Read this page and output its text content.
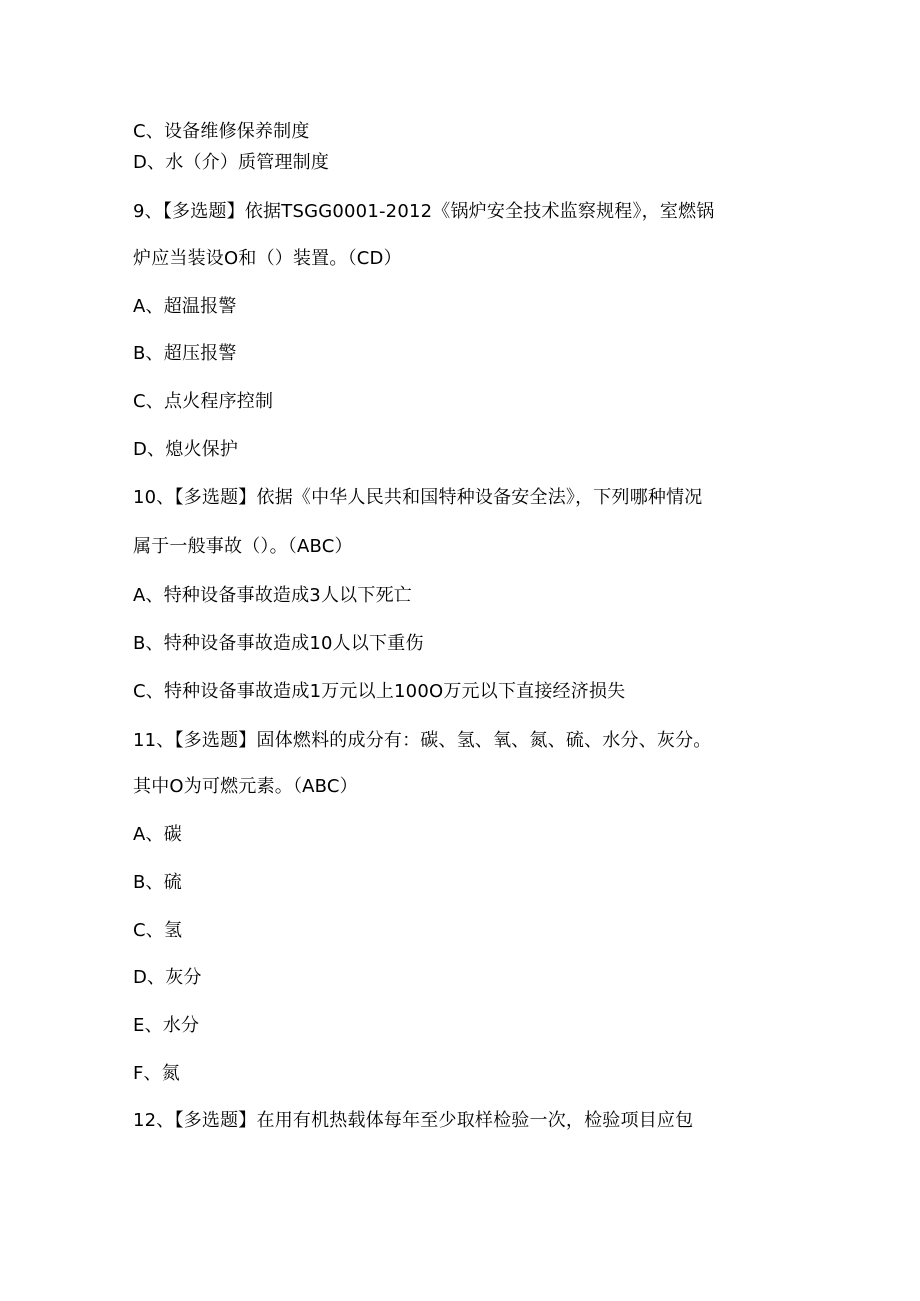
C、设备维修保养制度
D、水（介）质管理制度
9、【多选题】依据TSGG0001-2012《锅炉安全技术监察规程》，室燃锅
炉应当装设O和（）装置。（CD）
A、超温报警
B、超压报警
C、点火程序控制
D、熄火保护
10、【多选题】依据《中华人民共和国特种设备安全法》，下列哪种情况
属于一般事故（）。（ABC）
A、特种设备事故造成3人以下死亡
B、特种设备事故造成10人以下重伤
C、特种设备事故造成1万元以上100O万元以下直接经济损失
11、【多选题】固体燃料的成分有：碳、氢、氧、氮、硫、水分、灰分。
其中O为可燃元素。（ABC）
A、碳
B、硫
C、氢
D、灰分
E、水分
F、氮
12、【多选题】在用有机热载体每年至少取样检验一次，检验项目应包
